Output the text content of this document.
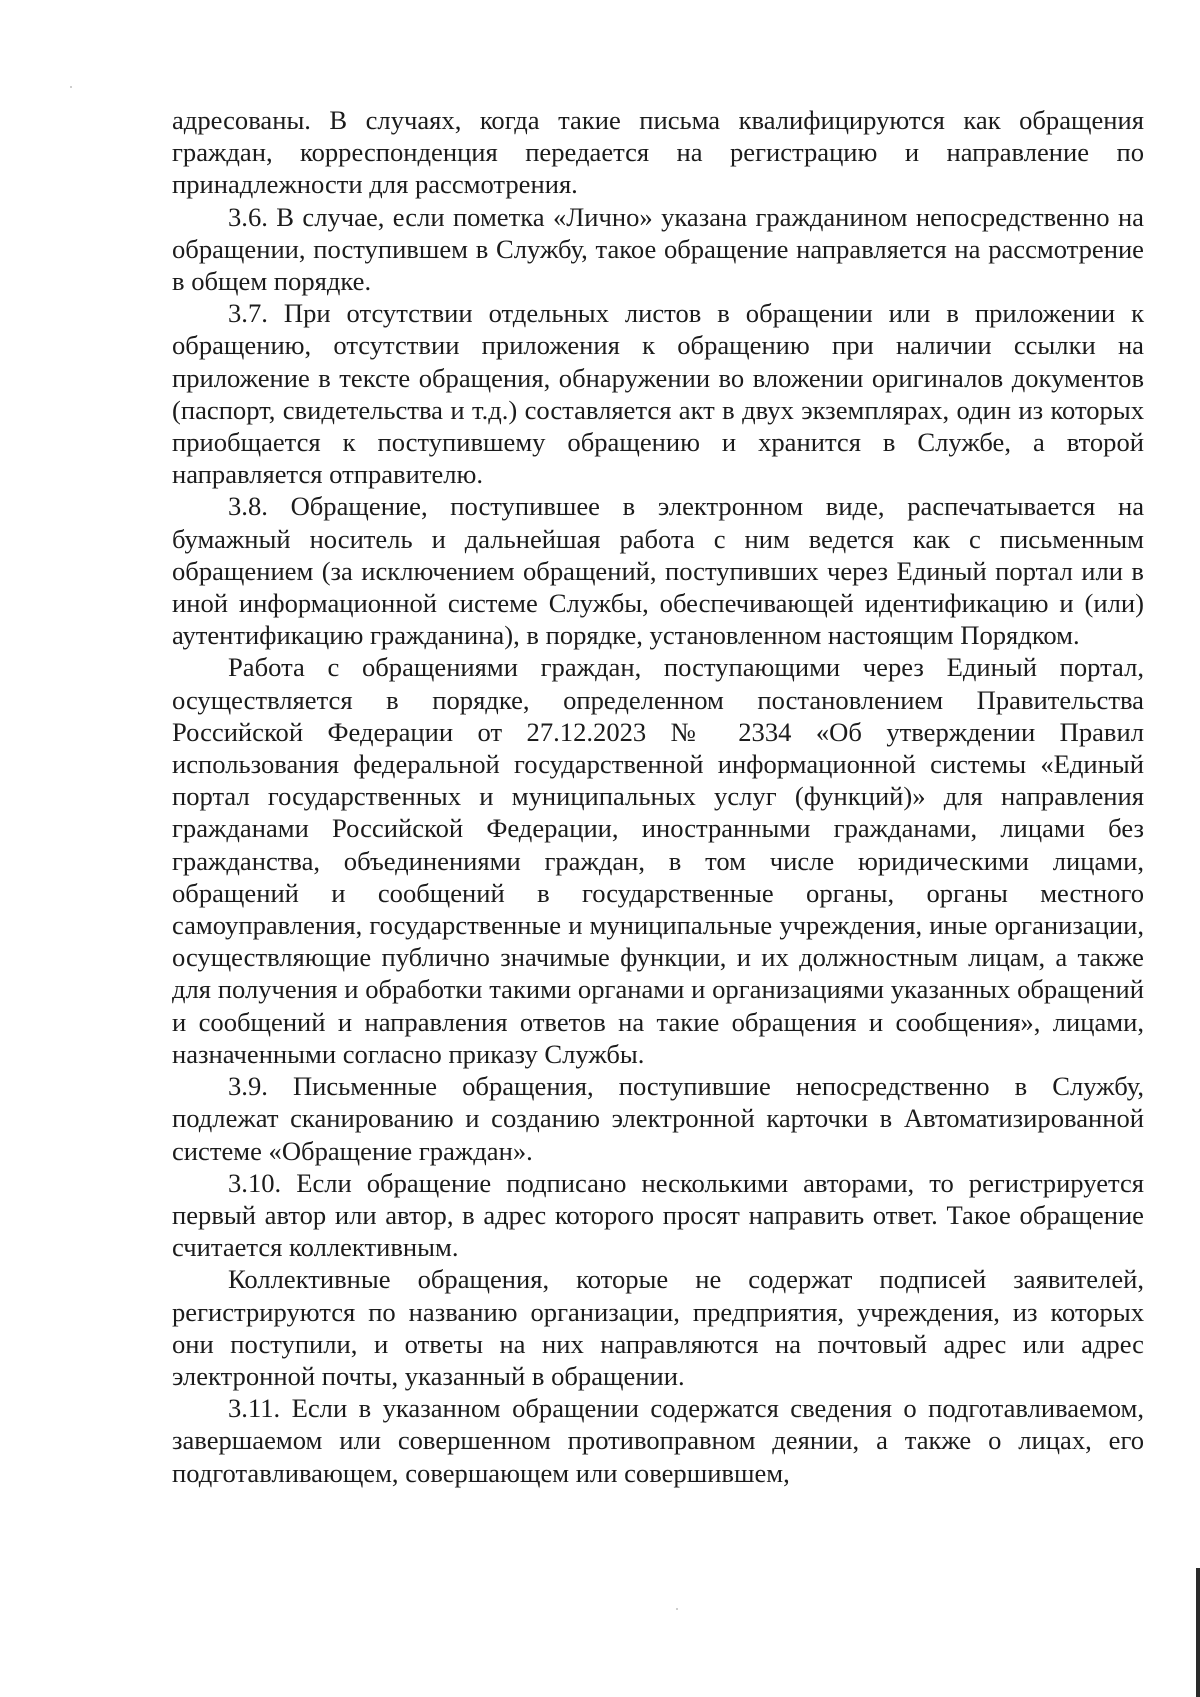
адресованы. В случаях, когда такие письма квалифицируются как обращения граждан, корреспонденция передается на регистрацию и направление по принадлежности для рассмотрения.

3.6. В случае, если пометка «Лично» указана гражданином непосредственно на обращении, поступившем в Службу, такое обращение направляется на рассмотрение в общем порядке.

3.7. При отсутствии отдельных листов в обращении или в приложении к обращению, отсутствии приложения к обращению при наличии ссылки на приложение в тексте обращения, обнаружении во вложении оригиналов документов (паспорт, свидетельства и т.д.) составляется акт в двух экземплярах, один из которых приобщается к поступившему обращению и хранится в Службе, а второй направляется отправителю.

3.8. Обращение, поступившее в электронном виде, распечатывается на бумажный носитель и дальнейшая работа с ним ведется как с письменным обращением (за исключением обращений, поступивших через Единый портал или в иной информационной системе Службы, обеспечивающей идентификацию и (или) аутентификацию гражданина), в порядке, установленном настоящим Порядком.

Работа с обращениями граждан, поступающими через Единый портал, осуществляется в порядке, определенном постановлением Правительства Российской Федерации от 27.12.2023 № 2334 «Об утверждении Правил использования федеральной государственной информационной системы «Единый портал государственных и муниципальных услуг (функций)» для направления гражданами Российской Федерации, иностранными гражданами, лицами без гражданства, объединениями граждан, в том числе юридическими лицами, обращений и сообщений в государственные органы, органы местного самоуправления, государственные и муниципальные учреждения, иные организации, осуществляющие публично значимые функции, и их должностным лицам, а также для получения и обработки такими органами и организациями указанных обращений и сообщений и направления ответов на такие обращения и сообщения», лицами, назначенными согласно приказу Службы.

3.9. Письменные обращения, поступившие непосредственно в Службу, подлежат сканированию и созданию электронной карточки в Автоматизированной системе «Обращение граждан».

3.10. Если обращение подписано несколькими авторами, то регистрируется первый автор или автор, в адрес которого просят направить ответ. Такое обращение считается коллективным.

Коллективные обращения, которые не содержат подписей заявителей, регистрируются по названию организации, предприятия, учреждения, из которых они поступили, и ответы на них направляются на почтовый адрес или адрес электронной почты, указанный в обращении.

3.11. Если в указанном обращении содержатся сведения о подготавливаемом, завершаемом или совершенном противоправном деянии, а также о лицах, его подготавливающем, совершающем или совершившем,
